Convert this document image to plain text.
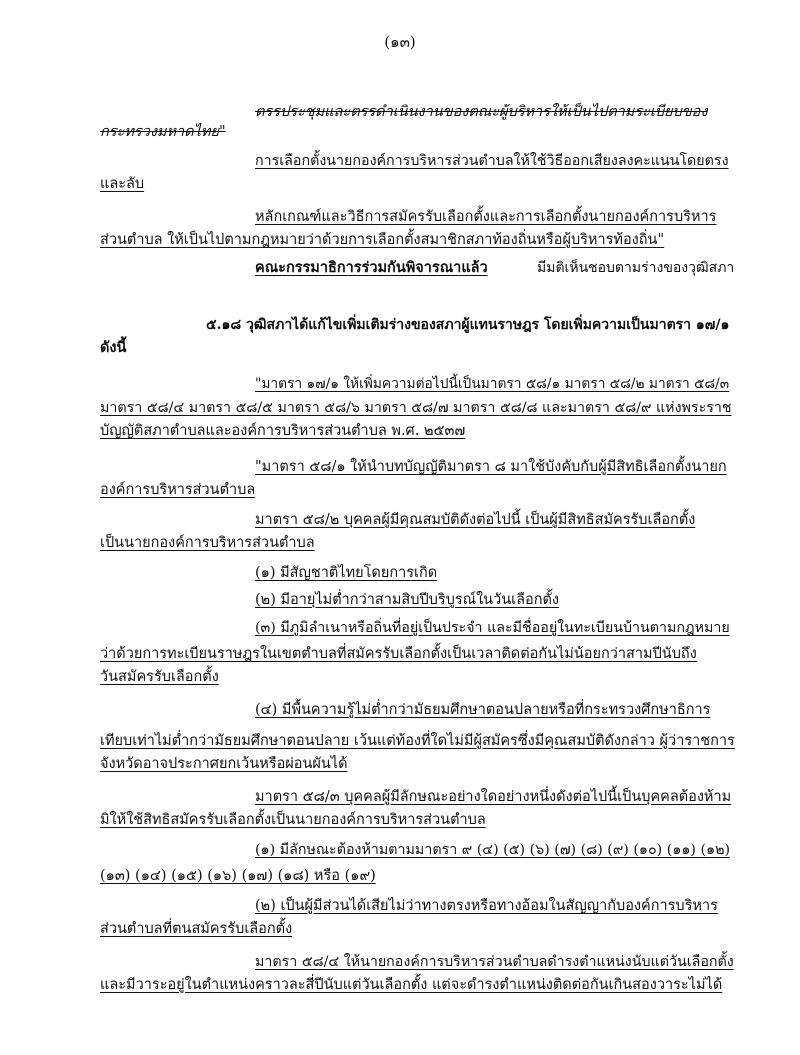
(๑๓)
ตรรประชุมและตรรดำเนินงานของตณะผู้บริหารให้เป็นไปตามระเบียบของ
กระทรวงมหาดไทย"
การเลือกตั้งนายกองค์การบริหารส่วนตำบลให้ใช้วิธีออกเสียงลงคะแนนโดยตรง
และลับ
หลักเกณฑ์และวิธีการสมัครรับเลือกตั้งและการเลือกตั้งนายกองค์การบริหาร
ส่วนตำบล ให้เป็นไปตามกฎหมายว่าด้วยการเลือกตั้งสมาชิกสภาท้องถิ่นหรือผู้บริหารท้องถิ่น"
คณะกรรมาธิการร่วมกันพิจารณาแล้ว	มีมติเห็นชอบตามร่างของวุฒิสภา
๕.๑๘ วุฒิสภาได้แก้ไขเพิ่มเติมร่างของสภาผู้แทนราษฎร โดยเพิ่มความเป็นมาตรา ๑๗/๑
ดังนี้
"มาตรา ๑๗/๑ ให้เพิ่มความต่อไปนี้เป็นมาตรา ๕๘/๑ มาตรา ๕๘/๒ มาตรา ๕๘/๓
มาตรา ๕๘/๔ มาตรา ๕๘/๕ มาตรา ๕๘/๖ มาตรา ๕๘/๗ มาตรา ๕๘/๘ และมาตรา ๕๘/๙ แห่งพระราช
บัญญัติสภาตำบลและองค์การบริหารส่วนตำบล พ.ศ. ๒๕๓๗
"มาตรา ๕๘/๑ ให้นำบทบัญญัติมาตรา ๘ มาใช้บังคับกับผู้มีสิทธิเลือกตั้งนายก
องค์การบริหารส่วนตำบล
มาตรา ๕๘/๒ บุคคลผู้มีคุณสมบัติดังต่อไปนี้ เป็นผู้มีสิทธิสมัครรับเลือกตั้ง
เป็นนายกองค์การบริหารส่วนตำบล
(๑) มีสัญชาติไทยโดยการเกิด
(๒) มีอายุไม่ต่ำกว่าสามสิบปีบริบูรณ์ในวันเลือกตั้ง
(๓) มีภูมิลำเนาหรือถิ่นที่อยู่เป็นประจำ และมีชื่ออยู่ในทะเบียนบ้านตามกฎหมาย
ว่าด้วยการทะเบียนราษฎรในเขตตำบลที่สมัครรับเลือกตั้งเป็นเวลาติดต่อกันไม่น้อยกว่าสามปีนับถึง
วันสมัครรับเลือกตั้ง
(๔) มีพื้นความรู้ไม่ต่ำกว่ามัธยมศึกษาตอนปลายหรือที่กระทรวงศึกษาธิการ
เทียบเท่าไม่ต่ำกว่ามัธยมศึกษาตอนปลาย เว้นแต่ท้องที่ใดไม่มีผู้สมัครซึ่งมีคุณสมบัติดังกล่าว ผู้ว่าราชการ
จังหวัดอาจประกาศยกเว้นหรือผ่อนผันได้
มาตรา ๕๘/๓ บุคคลผู้มีลักษณะอย่างใดอย่างหนึ่งดังต่อไปนี้เป็นบุคคลต้องห้าม
มิให้ใช้สิทธิสมัครรับเลือกตั้งเป็นนายกองค์การบริหารส่วนตำบล
(๑) มีลักษณะต้องห้ามตามมาตรา ๙ (๔) (๕) (๖) (๗) (๘) (๙) (๑๐) (๑๑) (๑๒)
(๑๓) (๑๔) (๑๕) (๑๖) (๑๗) (๑๘) หรือ (๑๙)
(๒) เป็นผู้มีส่วนได้เสียไม่ว่าทางตรงหรือทางอ้อมในสัญญากับองค์การบริหาร
ส่วนตำบลที่ตนสมัครรับเลือกตั้ง
มาตรา ๕๘/๔ ให้นายกองค์การบริหารส่วนตำบลดำรงตำแหน่งนับแต่วันเลือกตั้ง
และมีวาระอยู่ในตำแหน่งคราวละสี่ปีนับแต่วันเลือกตั้ง แต่จะดำรงตำแหน่งติดต่อกันเกินสองวาระไม่ได้
